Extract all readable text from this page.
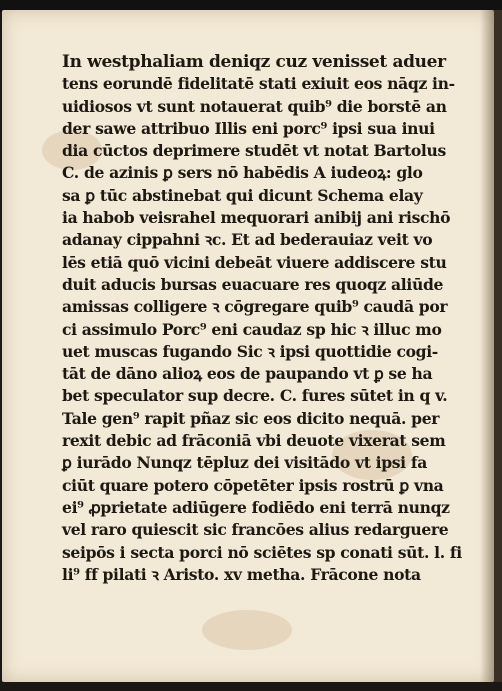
In westphaliam deniqz cuz venisset aduer
tens eorundē fidelitatē stati exiuit eos nāqz in-
uidiosos vt sunt notauerat quib⁹ die borstē an
der sawe attribuo Illis eni porc⁹ ipsi sua inui
dia cūctos deprimere studēt vt notat Bartolus
C. de azinis ꝑ sers nō habēdis A iudeoꝝ: glo
sa ꝑ tūc abstinebat qui dicunt Schema elay
ia habob veisrahel mequorari anibij ani rischō
adanay cippahni ꝛc. Et ad bederauiaz veit vo
lēs etiā quō vicini debeāt viuere addiscere stu
duit aducis bursas euacuare res quoqz aliūde
amissas colligere ꝛ cōgregare quib⁹ caudā por
ci assimulo Porc⁹ eni caudaz sp hic ꝛ illuc mo
uet muscas fugando Sic ꝛ ipsi quottidie cogi-
tāt de dāno alioꝝ eos de paupando vt ꝑ se ha
bet speculator sup decre. C. fures sūtet in q v.
Tale gen⁹ rapit pñaz sic eos dicito nequā. per
rexit debic ad frāconiā vbi deuote vixerat sem
ꝑ iurādo Nunqz tēpluz dei visitādo vt ipsi fa
ciūt quare potero cōpetēter ipsis rostrū ꝑ vna
ei⁹ ꝓprietate adiūgere fodiēdo eni terrā nunqz
vel raro quiescit sic francōes alius redarguere
seipōs i secta porci nō sciētes sp conati sūt. l. fi
li⁹ ff pilati ꝛ Aristo. xv metha. Frācone nota
